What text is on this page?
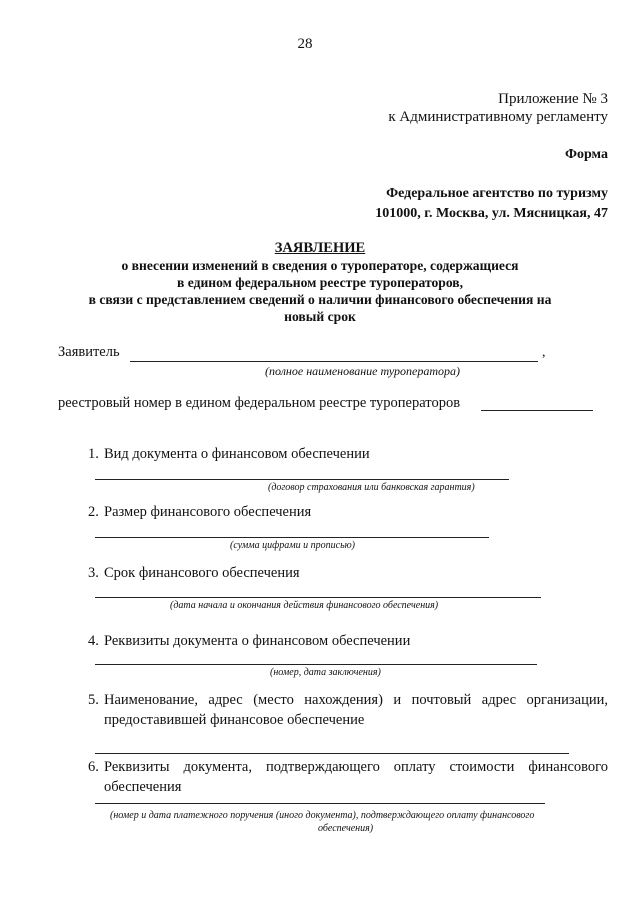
28
Приложение № 3
к Административному регламенту
Форма
Федеральное агентство по туризму
101000, г. Москва, ул. Мясницкая, 47
ЗАЯВЛЕНИЕ
о внесении изменений в сведения о туроператоре, содержащиеся
в едином федеральном реестре туроператоров,
в связи с представлением сведений о наличии финансового обеспечения на
новый срок
Заявитель	,
(полное наименование туроператора)
реестровый номер в едином федеральном реестре туроператоров
1. Вид документа о финансовом обеспечении
(договор страхования или банковская гарантия)
2. Размер финансового обеспечения
(сумма цифрами и прописью)
3. Срок финансового обеспечения
(дата начала и окончания действия финансового обеспечения)
4. Реквизиты документа о финансовом обеспечении
(номер, дата заключения)
5. Наименование, адрес (место нахождения) и почтовый адрес организации, предоставившей финансовое обеспечение
6. Реквизиты документа, подтверждающего оплату стоимости финансового обеспечения
(номер и дата платежного поручения (иного документа), подтверждающего оплату финансового
обеспечения)
